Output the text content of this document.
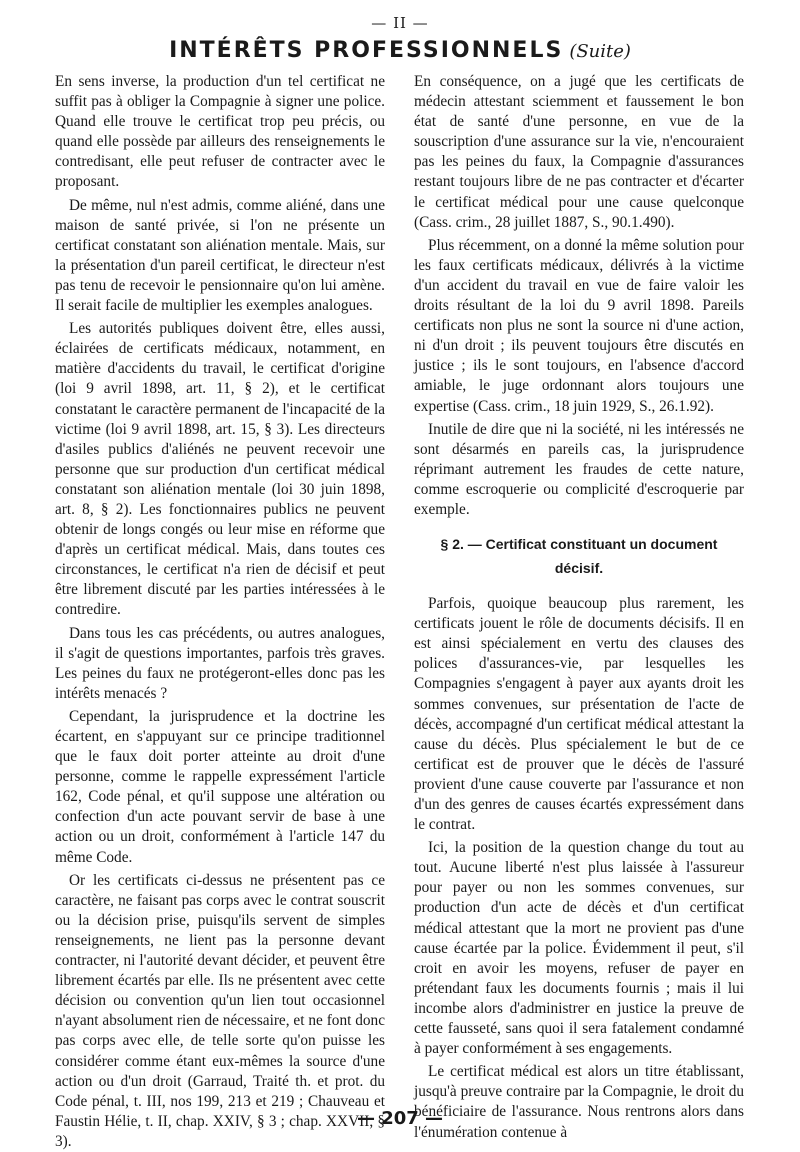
— II —
INTÉRÊTS PROFESSIONNELS (Suite)

En sens inverse, la production d'un tel certificat ne suffit pas à obliger la Compagnie à signer une police. Quand elle trouve le certificat trop peu précis, ou quand elle possède par ailleurs des renseignements le contredisant, elle peut refuser de contracter avec le proposant.

De même, nul n'est admis, comme aliéné, dans une maison de santé privée, si l'on ne présente un certificat constatant son aliénation mentale. Mais, sur la présentation d'un pareil certificat, le directeur n'est pas tenu de recevoir le pensionnaire qu'on lui amène. Il serait facile de multiplier les exemples analogues.

Les autorités publiques doivent être, elles aussi, éclairées de certificats médicaux, notamment, en matière d'accidents du travail, le certificat d'origine (loi 9 avril 1898, art. 11, § 2), et le certificat constatant le caractère permanent de l'incapacité de la victime (loi 9 avril 1898, art. 15, § 3). Les directeurs d'asiles publics d'aliénés ne peuvent recevoir une personne que sur production d'un certificat médical constatant son aliénation mentale (loi 30 juin 1898, art. 8, § 2). Les fonctionnaires publics ne peuvent obtenir de longs congés ou leur mise en réforme que d'après un certificat médical. Mais, dans toutes ces circonstances, le certificat n'a rien de décisif et peut être librement discuté par les parties intéressées à le contredire.

Dans tous les cas précédents, ou autres analogues, il s'agit de questions importantes, parfois très graves. Les peines du faux ne protégeront-elles donc pas les intérêts menacés ?

Cependant, la jurisprudence et la doctrine les écartent, en s'appuyant sur ce principe traditionnel que le faux doit porter atteinte au droit d'une personne, comme le rappelle expressément l'article 162, Code pénal, et qu'il suppose une altération ou confection d'un acte pouvant servir de base à une action ou un droit, conformément à l'article 147 du même Code.

Or les certificats ci-dessus ne présentent pas ce caractère, ne faisant pas corps avec le contrat souscrit ou la décision prise, puisqu'ils servent de simples renseignements, ne lient pas la personne devant contracter, ni l'autorité devant décider, et peuvent être librement écartés par elle. Ils ne présentent avec cette décision ou convention qu'un lien tout occasionnel n'ayant absolument rien de nécessaire, et ne font donc pas corps avec elle, de telle sorte qu'on puisse les considérer comme étant eux-mêmes la source d'une action ou d'un droit (Garraud, Traité th. et prot. du Code pénal, t. III, nos 199, 213 et 219 ; Chauveau et Faustin Hélie, t. II, chap. XXIV, § 3 ; chap. XXVII, § 3).

En conséquence, on a jugé que les certificats de médecin attestant sciemment et faussement le bon état de santé d'une personne, en vue de la souscription d'une assurance sur la vie, n'encouraient pas les peines du faux, la Compagnie d'assurances restant toujours libre de ne pas contracter et d'écarter le certificat médical pour une cause quelconque (Cass. crim., 28 juillet 1887, S., 90.1.490).

Plus récemment, on a donné la même solution pour les faux certificats médicaux, délivrés à la victime d'un accident du travail en vue de faire valoir les droits résultant de la loi du 9 avril 1898. Pareils certificats non plus ne sont la source ni d'une action, ni d'un droit ; ils peuvent toujours être discutés en justice ; ils le sont toujours, en l'absence d'accord amiable, le juge ordonnant alors toujours une expertise (Cass. crim., 18 juin 1929, S., 26.1.92).

Inutile de dire que ni la société, ni les intéressés ne sont désarmés en pareils cas, la jurisprudence réprimant autrement les fraudes de cette nature, comme escroquerie ou complicité d'escroquerie par exemple.

§ 2. — Certificat constituant un document
décisif.

Parfois, quoique beaucoup plus rarement, les certificats jouent le rôle de documents décisifs. Il en est ainsi spécialement en vertu des clauses des polices d'assurances-vie, par lesquelles les Compagnies s'engagent à payer aux ayants droit les sommes convenues, sur présentation de l'acte de décès, accompagné d'un certificat médical attestant la cause du décès. Plus spécialement le but de ce certificat est de prouver que le décès de l'assuré provient d'une cause couverte par l'assurance et non d'un des genres de causes écartés expressément dans le contrat.

Ici, la position de la question change du tout au tout. Aucune liberté n'est plus laissée à l'assureur pour payer ou non les sommes convenues, sur production d'un acte de décès et d'un certificat médical attestant que la mort ne provient pas d'une cause écartée par la police. Évidemment il peut, s'il croit en avoir les moyens, refuser de payer en prétendant faux les documents fournis ; mais il lui incombe alors d'administrer en justice la preuve de cette fausseté, sans quoi il sera fatalement condamné à payer conformément à ses engagements.

Le certificat médical est alors un titre établissant, jusqu'à preuve contraire par la Compagnie, le droit du bénéficiaire de l'assurance. Nous rentrons alors dans l'énumération contenue à

— 207 —
